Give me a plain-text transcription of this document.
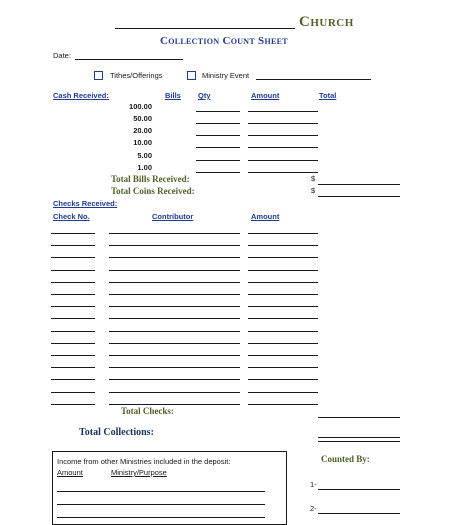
Church
Collection Count Sheet
Date:
Tithes/Offerings	Ministry Event
Cash Received:	Bills Qty	Amount	Total
100.00
50.00
20.00
10.00
5.00
1.00
Total Bills Received:	$
Total Coins Received:	$
Checks Received:
Check No.	Contributor	Amount
Total Checks:
Total Collections:
Income from other Ministries included in the deposit:
Amount	Ministry/Purpose
Counted By:
1-
2-
